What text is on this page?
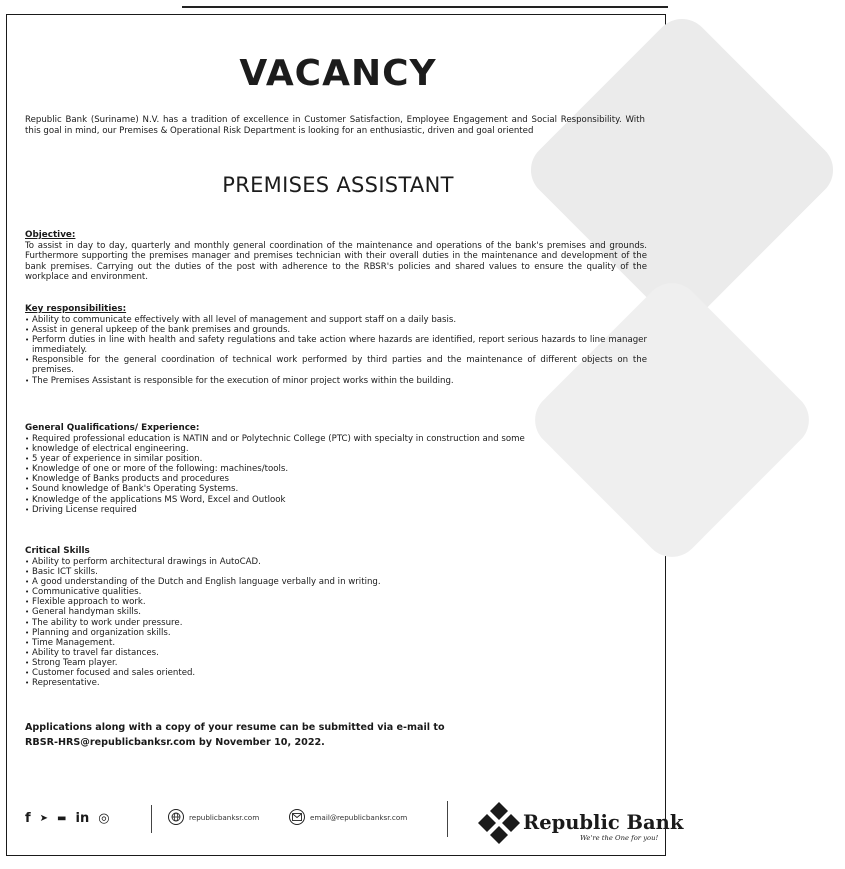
VACANCY

Republic Bank (Suriname) N.V. has a tradition of excellence in Customer Satisfaction, Employee Engagement and Social Responsibility. With this goal in mind, our Premises & Operational Risk Department is looking for an enthusiastic, driven and goal oriented

PREMISES ASSISTANT

Objective:

To assist in day to day, quarterly and monthly general coordination of the maintenance and operations of the bank's premises and grounds. Furthermore supporting the premises manager and premises technician with their overall duties in the maintenance and development of the bank premises. Carrying out the duties of the post with adherence to the RBSR's policies and shared values to ensure the quality of the workplace and environment.

Key responsibilities:

• Ability to communicate effectively with all level of management and support staff on a daily basis.
• Assist in general upkeep of the bank premises and grounds.
• Perform duties in line with health and safety regulations and take action where hazards are identified, report serious hazards to line manager immediately.
• Responsible for the general coordination of technical work performed by third parties and the maintenance of different objects on the premises.
• The Premises Assistant is responsible for the execution of minor project works within the building.

General Qualifications/ Experience:

• Required professional education is NATIN and or Polytechnic College (PTC) with specialty in construction and some
• knowledge of electrical engineering.
• 5 year of experience in similar position.
• Knowledge of one or more of the following: machines/tools.
• Knowledge of Banks products and procedures
• Sound knowledge of Bank's Operating Systems.
• Knowledge of the applications MS Word, Excel and Outlook
• Driving License required

Critical Skills

• Ability to perform architectural drawings in AutoCAD.
• Basic ICT skills.
• A good understanding of the Dutch and English language verbally and in writing.
• Communicative qualities.
• Flexible approach to work.
• General handyman skills.
• The ability to work under pressure.
• Planning and organization skills.
• Time Management.
• Ability to travel far distances.
• Strong Team player.
• Customer focused and sales oriented.
• Representative.

Applications along with a copy of your resume can be submitted via e-mail to
RBSR-HRS@republicbanksr.com by November 10, 2022.

f ➤ ▬ in ◎	republicbanksr.com	email@republicbanksr.com	Republic Bank
We're the One for you!
